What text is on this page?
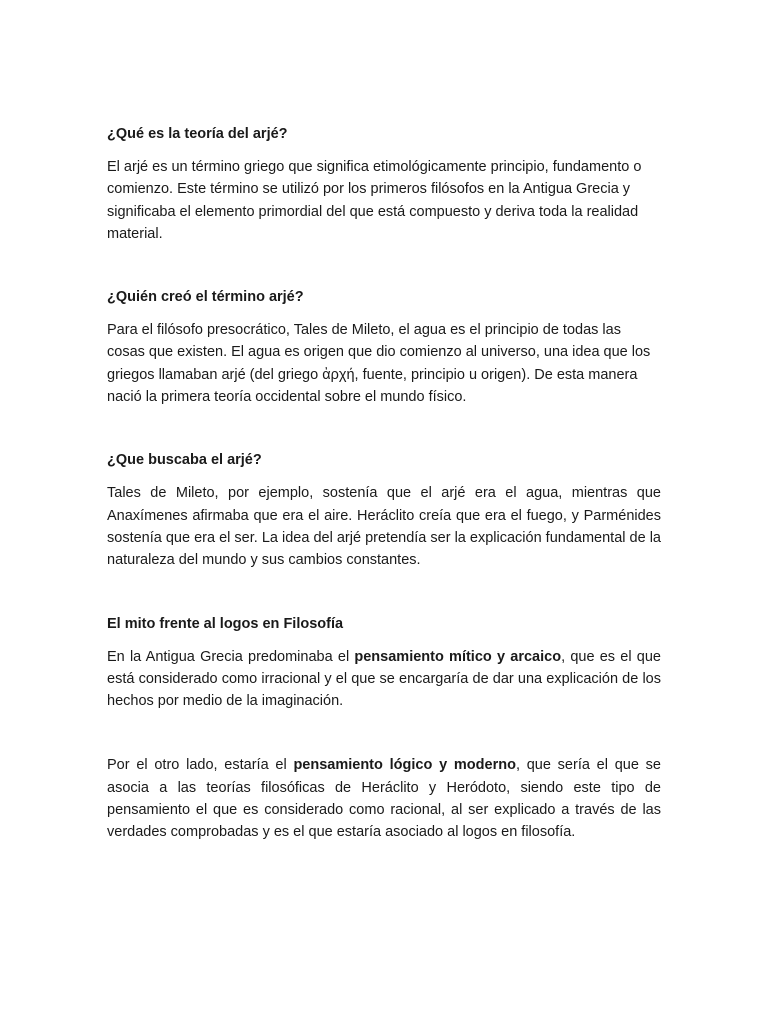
¿Qué es la teoría del arjé?

El arjé es un término griego que significa etimológicamente principio, fundamento o comienzo. Este término se utilizó por los primeros filósofos en la Antigua Grecia y significaba el elemento primordial del que está compuesto y deriva toda la realidad material.

¿Quién creó el término arjé?

Para el filósofo presocrático, Tales de Mileto, el agua es el principio de todas las cosas que existen. El agua es origen que dio comienzo al universo, una idea que los griegos llamaban arjé (del griego ἀρχή, fuente, principio u origen). De esta manera nació la primera teoría occidental sobre el mundo físico.

¿Que buscaba el arjé?

Tales de Mileto, por ejemplo, sostenía que el arjé era el agua, mientras que Anaxímenes afirmaba que era el aire. Heráclito creía que era el fuego, y Parménides sostenía que era el ser. La idea del arjé pretendía ser la explicación fundamental de la naturaleza del mundo y sus cambios constantes.

El mito frente al logos en Filosofía

En la Antigua Grecia predominaba el pensamiento mítico y arcaico, que es el que está considerado como irracional y el que se encargaría de dar una explicación de los hechos por medio de la imaginación.

Por el otro lado, estaría el pensamiento lógico y moderno, que sería el que se asocia a las teorías filosóficas de Heráclito y Heródoto, siendo este tipo de pensamiento el que es considerado como racional, al ser explicado a través de las verdades comprobadas y es el que estaría asociado al logos en filosofía.
